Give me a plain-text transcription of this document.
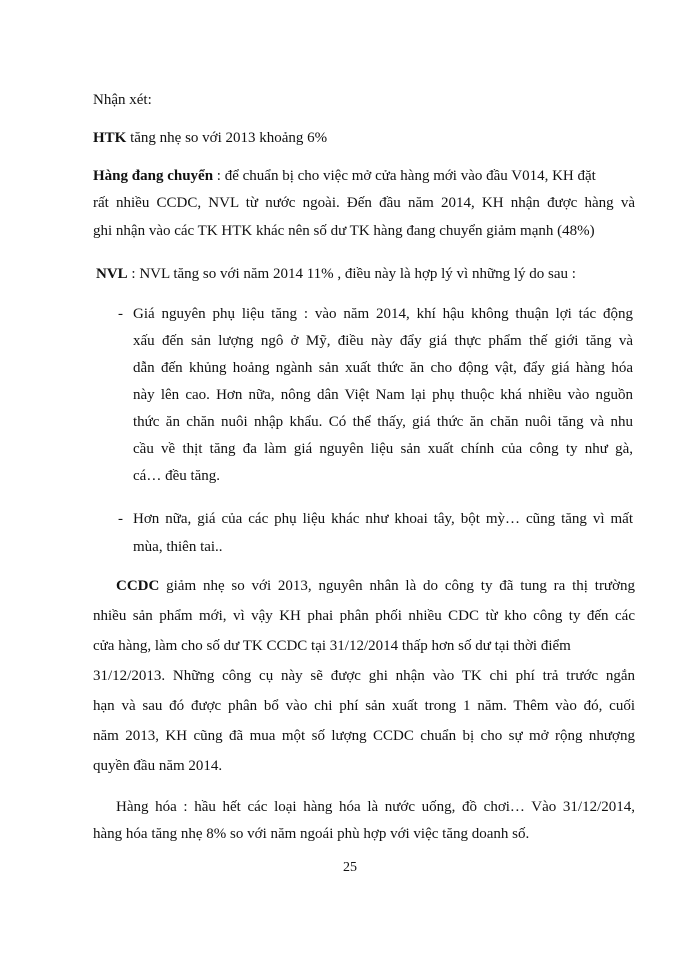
Nhận xét:
HTK tăng nhẹ so với 2013 khoảng 6%
Hàng đang chuyển : để chuẩn bị cho việc mở cửa hàng mới vào đầu V014, KH đặt
rất nhiều CCDC, NVL từ nước ngoài. Đến đầu năm 2014, KH nhận được hàng và
ghi nhận vào các TK HTK khác nên số dư TK hàng đang chuyển giảm mạnh (48%)
NVL : NVL tăng so với năm 2014 11% , điều này là hợp lý vì những lý do sau :
- Giá nguyên phụ liệu tăng : vào năm 2014, khí hậu không thuận lợi tác động
xấu đến sản lượng ngô ở Mỹ, điều này đẩy giá thực phẩm thế giới tăng và
dẫn đến khủng hoảng ngành sản xuất thức ăn cho động vật, đẩy giá hàng hóa
này lên cao. Hơn nữa, nông dân Việt Nam lại phụ thuộc khá nhiều vào nguồn
thức ăn chăn nuôi nhập khẩu. Có thể thấy, giá thức ăn chăn nuôi tăng và nhu
cầu về thịt tăng đa làm giá nguyên liệu sản xuất chính của công ty như gà,
cá… đều tăng.
- Hơn nữa, giá của các phụ liệu khác như khoai tây, bột mỳ… cũng tăng vì mất
mùa, thiên tai..
CCDC giảm nhẹ so với 2013, nguyên nhân là do công ty đã tung ra thị trường
nhiều sản phẩm mới, vì vậy KH phai phân phối nhiều CDC từ kho công ty đến các
cửa hàng, làm cho số dư TK CCDC tại 31/12/2014 thấp hơn số dư tại thời điểm
31/12/2013. Những công cụ này sẽ được ghi nhận vào TK chi phí trả trước ngắn
hạn và sau đó được phân bổ vào chi phí sản xuất trong 1 năm. Thêm vào đó, cuối
năm 2013, KH cũng đã mua một số lượng CCDC chuẩn bị cho sự mở rộng nhượng
quyền đầu năm 2014.
Hàng hóa : hầu hết các loại hàng hóa là nước uống, đồ chơi… Vào 31/12/2014,
hàng hóa tăng nhẹ 8% so với năm ngoái phù hợp với việc tăng doanh số.
25
